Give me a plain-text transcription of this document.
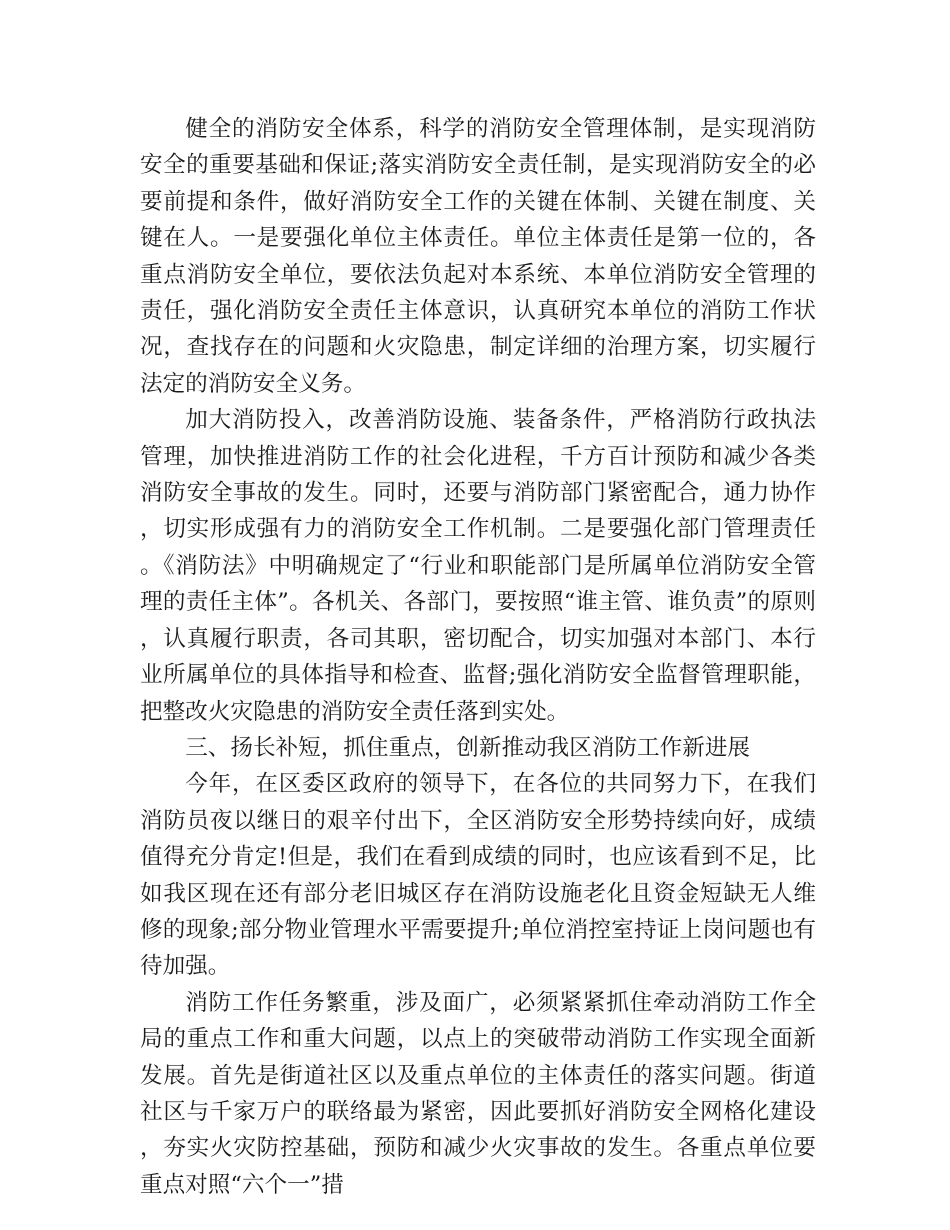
健全的消防安全体系，科学的消防安全管理体制，是实现消防安全的重要基础和保证;落实消防安全责任制，是实现消防安全的必要前提和条件，做好消防安全工作的关键在体制、关键在制度、关键在人。一是要强化单位主体责任。单位主体责任是第一位的，各重点消防安全单位，要依法负起对本系统、本单位消防安全管理的责任，强化消防安全责任主体意识，认真研究本单位的消防工作状况，查找存在的问题和火灾隐患，制定详细的治理方案，切实履行法定的消防安全义务。

加大消防投入，改善消防设施、装备条件，严格消防行政执法管理，加快推进消防工作的社会化进程，千方百计预防和减少各类消防安全事故的发生。同时，还要与消防部门紧密配合，通力协作，切实形成强有力的消防安全工作机制。二是要强化部门管理责任。《消防法》中明确规定了“行业和职能部门是所属单位消防安全管理的责任主体”。各机关、各部门，要按照“谁主管、谁负责”的原则，认真履行职责，各司其职，密切配合，切实加强对本部门、本行业所属单位的具体指导和检查、监督;强化消防安全监督管理职能，把整改火灾隐患的消防安全责任落到实处。

三、扬长补短，抓住重点，创新推动我区消防工作新进展

今年，在区委区政府的领导下，在各位的共同努力下，在我们消防员夜以继日的艰辛付出下，全区消防安全形势持续向好，成绩值得充分肯定!但是，我们在看到成绩的同时，也应该看到不足，比如我区现在还有部分老旧城区存在消防设施老化且资金短缺无人维修的现象;部分物业管理水平需要提升;单位消控室持证上岗问题也有待加强。

消防工作任务繁重，涉及面广，必须紧紧抓住牵动消防工作全局的重点工作和重大问题，以点上的突破带动消防工作实现全面新发展。首先是街道社区以及重点单位的主体责任的落实问题。街道社区与千家万户的联络最为紧密，因此要抓好消防安全网格化建设，夯实火灾防控基础，预防和减少火灾事故的发生。各重点单位要重点对照“六个一”措
